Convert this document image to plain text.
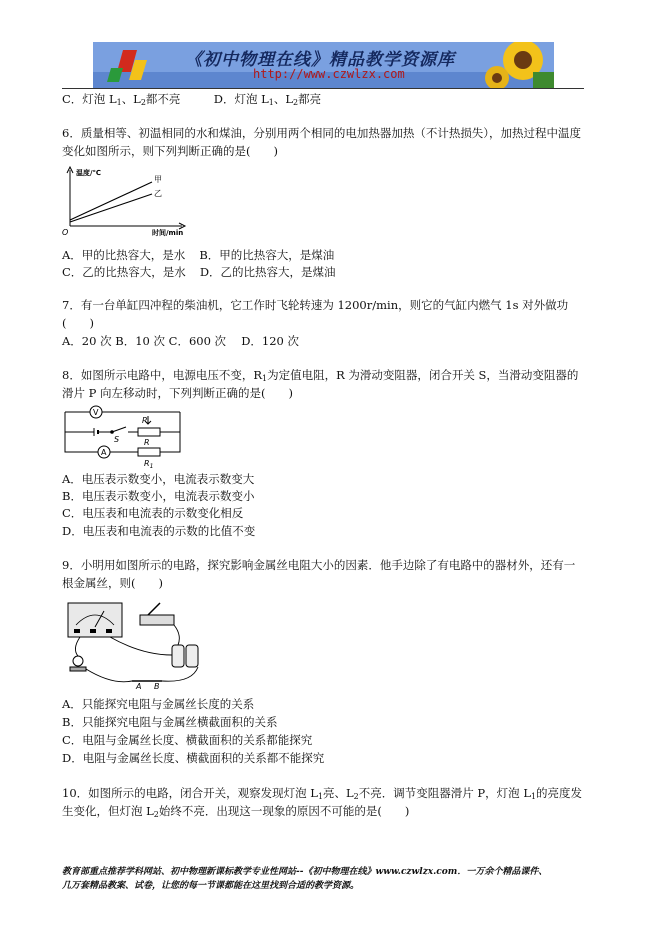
《初中物理在线》精品教学资源库
http://www.czwlzx.com
C．灯泡 $L_1$、$L_2$都不亮	D．灯泡 $L_1$、$L_2$都亮
6．质量相等、初温相同的水和煤油，分别用两个相同的电加热器加热（不计热损失），加热过程中温度
变化如图所示，则下列判断正确的是(　　)
温度/℃
时间/min
O
甲
乙
A．甲的比热容大，是水 B．甲的比热容大，是煤油
C．乙的比热容大，是水 D．乙的比热容大，是煤油
7．有一台单缸四冲程的柴油机，它工作时飞轮转速为 1200r/min，则它的气缸内燃气 1s 对外做功
(　　)
A．20 次 B．10 次 C．600 次　 D．120 次
8．如图所示电路中，电源电压不变，$R_1$为定值电阻，R 为滑动变阻器，闭合开关 S，当滑动变阻器的
滑片 P 向左移动时，下列判断正确的是(　　)
V
A
S
P
R
$R_1$
A．电压表示数变小，电流表示数变大
B．电压表示数变小，电流表示数变小
C．电压表和电流表的示数变化相反
D．电压表和电流表的示数的比值不变
9．小明用如图所示的电路，探究影响金属丝电阻大小的因素．他手边除了有电路中的器材外，还有一
根金属丝，则(　　)
A B
A．只能探究电阻与金属丝长度的关系
B．只能探究电阻与金属丝横截面积的关系
C．电阻与金属丝长度、横截面积的关系都能探究
D．电阻与金属丝长度、横截面积的关系都不能探究
10．如图所示的电路，闭合开关，观察发现灯泡 $L_1$亮、$L_2$不亮．调节变阻器滑片 P，灯泡 $L_1$的亮度发
生变化，但灯泡 $L_2$始终不亮．出现这一现象的原因不可能的是(　　)
教育部重点推荐学科网站、初中物理新课标教学专业性网站--《初中物理在线》www.czwlzx.com．一万余个精品课件、
几万套精品教案、试卷，让您的每一节课都能在这里找到合适的教学资源。
